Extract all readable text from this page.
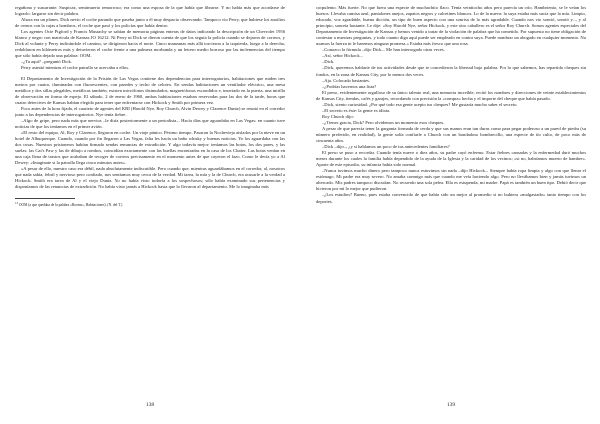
regañona y susurrante. Suspicaz, semimuerto remorroso; era como una esposa de la que había que librarse. Y no había más que acordarse de lograrlo: largarse sin decir palabra.

Ahora era un planes. Dick nevio el coche parando que paseba junto a él muy despacio observando. Tampoco vio Perry, que hubiese los auxilios de cernos con la cajas a hombros, el coche que pasó y los policías que había dentro.

Los agentes Ocie Pigford y Francis Mustachy se sabían de memoria páginas enteras de datos indicando la descripción de un Chevrolet 1956 blanco y negro con matrícula de Kansas JO 16212. Ni Perry ni Dick se dieron cuenta de que los seguía la policía cuando se dejaron de correos, y Dick al volante y Perry indicándole el camino, se dirigieron hacia el norte. Cinco manzanas más allá torcieron a la izquierda, luego a la derecha, redoblaron en kilómetros más y detuvieron el coche frente a una palmera morbunda y un letrero medio borroso por las inclemencias del tiempo que sólo había dejado una palabra: OOM.

–¿Ta aquí? –preguntó Dick.

Perry asintió mientras el coche patrulla se acercaba a ellos.

El Departamento de Investigación de la Prisión de Las Vegas contiene dos dependencias para interrogatorios, habitaciones que miden tres metros por cuatro, iluminadas con fluorescentes, con paredes y techo de celotex. En sendas habitaciones un ventilador eléctrico, una mesa metálica y dos sillas plegables, metálicas también, existen micrófonos disimulados, magnetófonos escondidos e, insertado en la puerta, una mirilla de observación en forma de espejo. El sábado, 2 de enero de 1960, ambas habitaciones estaban reservadas para las dos de la tarde, horas que cuatro detectives de Kansas habían elegido para tener que enfrentarse con Hickock y Smith por primera vez.

Poco antes de la hora fijada, el cuarteto de agentes del KBI (Harold Nye, Roy Church, Alvin Dewey y Clarence Duntz) se reunió en el corredor junto a las dependencias de interrogatorios. Nye tenía fiebre.

–Algo de gripe, pero nada más que nervios –le diría posteriormente a un periodista–. Hacía días que aguardaba en Las Vegas: en cuanto tuve noticias de que los teníamos en el primer avión.

»El resto del equipo, Al, Roy y Clarence, llegaron en coche. Un viaje pánico. Pésimo tiempo. Pasaron la Nochevieja aislados por la nieve en un hotel de Albuquerque. Cuando, cuando por fin llegaron a Las Vegas, falta les hacía un baño whisky y buenas noticias. Yo los aguardaba con las dos cosas. Nuestros prisioneros habían firmado sendas renuncias de extradición. Y algo todavía mejor: teníamos las botas, los dos pares, y las suelas: las Cat's Paw y las de dibujo a rombos, coincidían exactamente con las huellas encontradas en la casa de los Clutter. Las botas venían en una caja llena de trastos que acababan de recoger de correos precisamente en el momento antes de que cayeron el lazo. Como le decía yo a Al Dewey: «Imagínate si la patrulla llega cinco minutos antes».

»A pesar de ello, nuestro caso era débil, nada absolutamente indiscutible. Pero cuando que, mientras aguardábamos en el corredor, al, nosotros que nada sabía, febril y nervioso pero confiado, nos sentíamos muy cerca de la verdad. Mi tarea, la mía y la de Church, era acusarle a la verdad a Hickock. Smith era tarea de Al y el viejo Duntz. Yo no había visto todavía a los sospechosos; sólo había examinado sus pertenencias y disponíamos de las renuncias de extradición. No había visto jamás a Hickock hasta que lo llevaron al departamento. Me lo imaginaba más

$^{13}$ OOM (a que quedaba de la palabra «Rooms», Habitaciones). (N. del T.)

corpulento. Más fuerte. No que fuera una especie de muchachito flaco. Tenía veintiocho años pero parecía un crío. Hambriento, se le veían los huesos. Llevaba camisa azul, pantalones anejos, zapatos negros y calcetines blancos. Lo de la nueva: la suya estaba más sucia que la mía. Limpio, educado, voz agradable, buena dicción, un tipo de buen aspecto con una sonrisa de lo más agradable. Cuando nos vio sonrió, sonrió y..., y al principio, sonreía bastante. Le dije: «Soy Harold Nye, señor Hickock, y este otro caballero es el señor Roy Church. Somos agentes especiales del Departamento de Investigación de Kansas y hemos venido a tratar de la violación de palabra que ha cometido. Por supuesto no tiene obligación de contestar a nuestras preguntas, y todo cuanto diga aquí puede ser empleado en contra suya. Puede nombrar un abogado en cualquier momento. No usamos la fuerza ni le haremos ninguna promesa.» Estaba más fresco que una rosa.

–Conozco la fórmula –dijo Dick–. Me han interrogado otras veces.

–Así, señor Hickock...

–Dick.

–Dick, queremos hablarte de tus actividades desde que te concedieron la libertad bajo palabra. Por lo que sabemos, has repartido cheques sin fondos, en la zona de Kansas City, por lo menos dos veces.

–Aja. Colocado bastantes.

–¿Podrías hacernos una lista?

El preso, evidentemente orgulloso de su único talento real, una memoria increíble, recitó los nombres y direcciones de veinte establecimientos de Kansas City, tiendas, cafés y garajes, recordando con precisión la «compra» hecha y el importe del cheque que había pasado.

–Dick, siento curiosidad. ¿Por qué todo esa gente acepto tus cheques? Me gustaría mucho saber el secreto.

–El secreto es éste: la gente es idiota.

Roy Church dijo:

–¿Tienes gracia, Dick? Pero olvidemos un momento esos cheques.

A pesar de que parecía tener la garganta formada de cerda y que sus manos eran tan duras como para pegar poderoso a un pared de piedra (su número preferido, en realidad), la gente solía confiarle a Church con un bondadoso hombrecillo, una especie de tío culto, de poco más de cincuenta años.

–Dick –dijo–, ¿y si hablamos un poco de tus antecedentes familiares?

El preso se puso a recordar. Cuando tenía nueve o diez años, su padre cayó enfermo. Estar fiebres cansadas y la enfermedad duró muchos meses durante los cuales la familia había dependido de la ayuda de la Iglesia y la caridad de los vecinos; «si no, habríamos muerto de hambre». Aparte de este episodio, su infancia había sido normal.

–Nunca tuvimos mucho dinero pero tampoco nunca estuvimos sin nada –dijo Hickock–. Siempre había ropa limpia y algo con que llenar el estómago. Mi padre era muy severo. No amaba conmigo más que cuando me veía haciendo algo. Pero no llevábamos bien y jamás tuvimos un altercado. Mis padres tampoco discutían. No recuerdo una sola pelea. Ella es estupenda, mi madre. Papá es también un buen tipo. Debió decir que hicieron por mí lo mejor que pudieron.

–¿Los estudios? Bueno, pues estaba convencido de que había sido un mejor al promedio si no hubiera «malgastado» tanto tiempo con los deportes.

138	139
